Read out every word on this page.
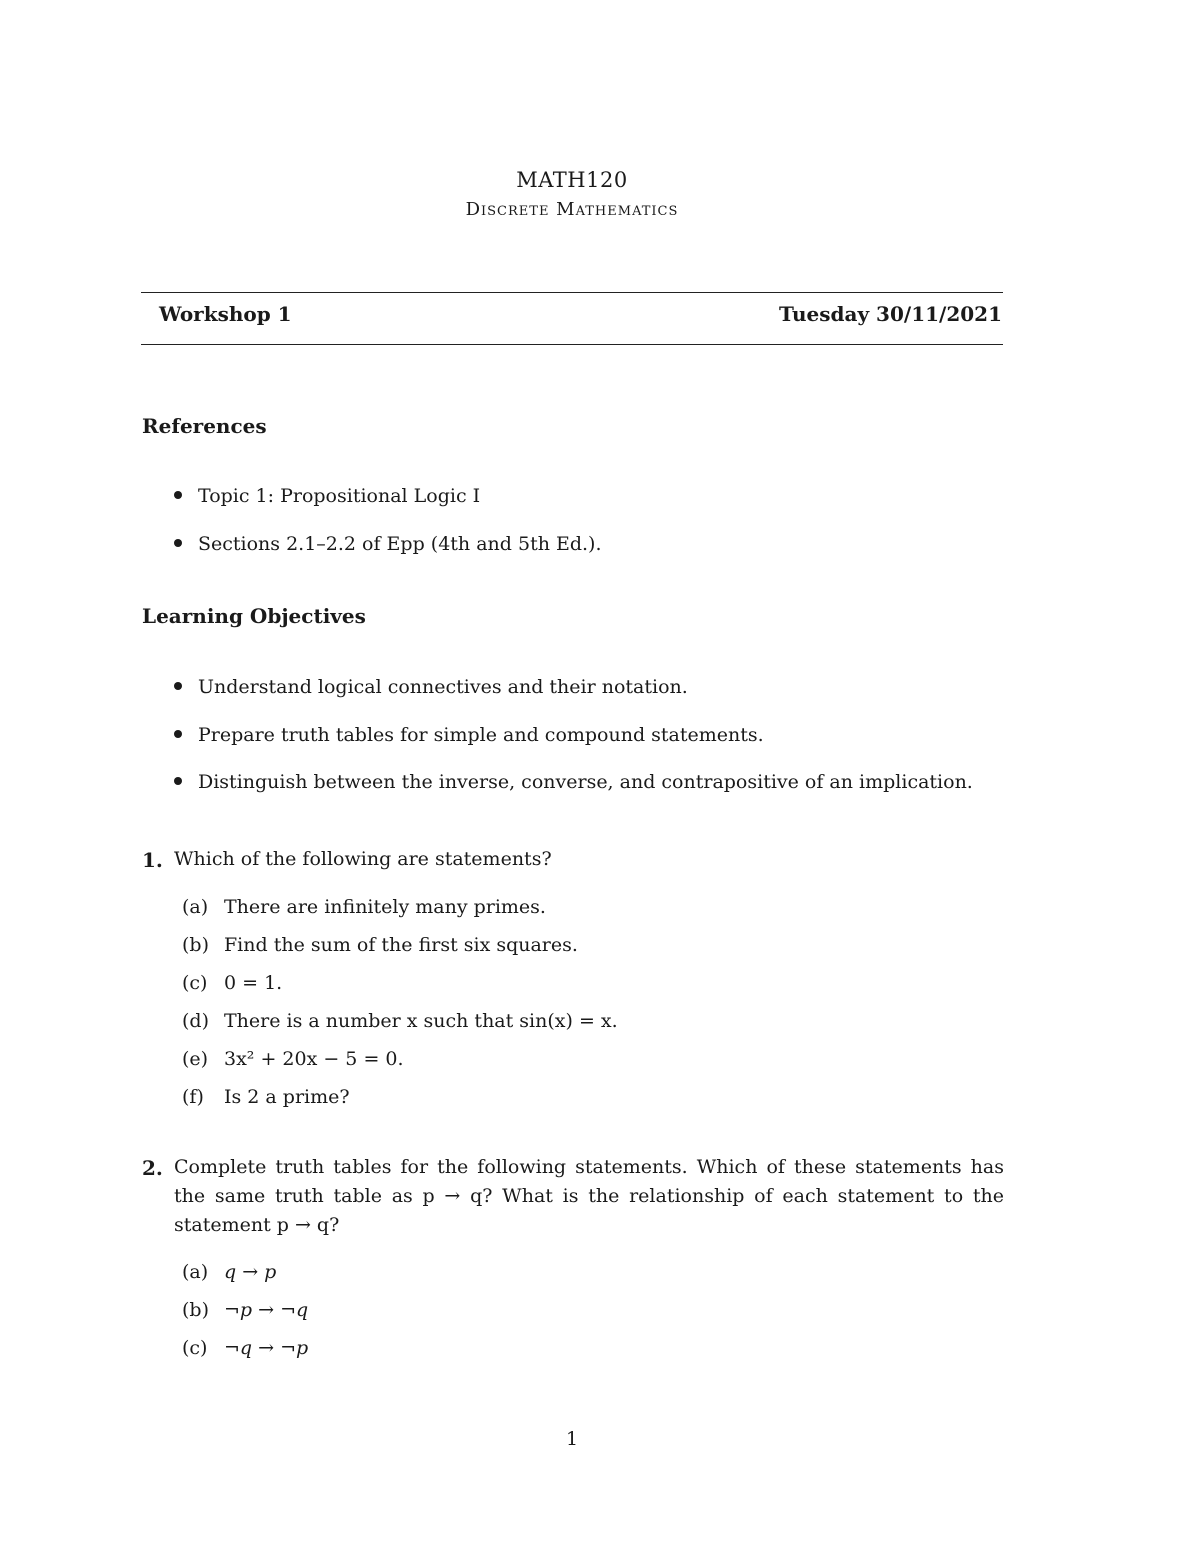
MATH120
Discrete Mathematics
Workshop 1	Tuesday 30/11/2021
References
Topic 1: Propositional Logic I
Sections 2.1–2.2 of Epp (4th and 5th Ed.).
Learning Objectives
Understand logical connectives and their notation.
Prepare truth tables for simple and compound statements.
Distinguish between the inverse, converse, and contrapositive of an implication.
1. Which of the following are statements?
(a) There are infinitely many primes.
(b) Find the sum of the first six squares.
(c) 0 = 1.
(d) There is a number x such that sin(x) = x.
(e) 3x² + 20x − 5 = 0.
(f) Is 2 a prime?
2. Complete truth tables for the following statements. Which of these statements has the same truth table as p → q? What is the relationship of each statement to the statement p → q?
(a) q → p
(b) ¬p → ¬q
(c) ¬q → ¬p
1
